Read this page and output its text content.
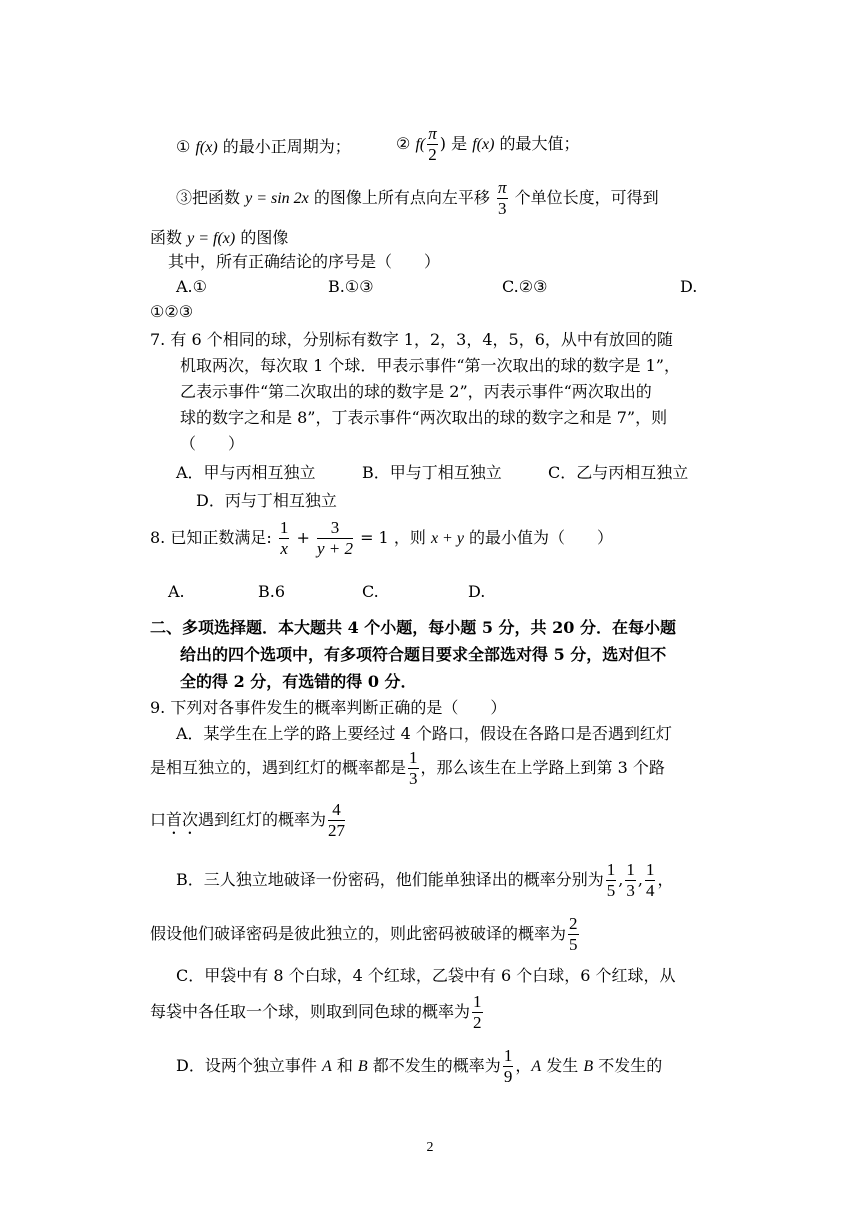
① f(x) 的最小正周期为；	② $f( \frac{\pi}{2}$ ) 是 f(x) 的最大值；
③把函数 y = sin 2x 的图像上所有点向左平移 $\frac{\pi}{3}$ 个单位长度，可得到
函数 y = f(x) 的图像
其中，所有正确结论的序号是（　　）
A.①	B.①③	C.②③	D.
①②③
7. 有 6 个相同的球，分别标有数字 1，2，3，4，5，6，从中有放回的随
机取两次，每次取 1 个球．甲表示事件“第一次取出的球的数字是 1”，
乙表示事件“第二次取出的球的数字是 2”，丙表示事件“两次取出的
球的数字之和是 8”，丁表示事件“两次取出的球的数字之和是 7”，则
（　　）
A．甲与丙相互独立	B．甲与丁相互独立	C．乙与丙相互独立
D．丙与丁相互独立
8. 已知正数满足: $\frac{1}{x} + \frac{3}{y + 2} = 1$ ，则 x + y 的最小值为（　　）
A.	B.6	C.	D.
二、多项选择题．本大题共 4 个小题，每小题 5 分，共 20 分．在每小题
给出的四个选项中，有多项符合题目要求全部选对得 5 分，选对但不
全的得 2 分，有选错的得 0 分．
9. 下列对各事件发生的概率判断正确的是（　　）
A．某学生在上学的路上要经过 4 个路口，假设在各路口是否遇到红灯
是相互独立的，遇到红灯的概率都是 $\frac{1}{3}$ ，那么该生在上学路上到第 3 个路
口首次遇到红灯的概率为 $\frac{4}{27}$
B．三人独立地破译一份密码，他们能单独译出的概率分别为 $\frac{1}{5}$ , $\frac{1}{3}$ , $\frac{1}{4}$ ，
假设他们破译密码是彼此独立的，则此密码被破译的概率为 $\frac{2}{5}$
C．甲袋中有 8 个白球，4 个红球，乙袋中有 6 个白球，6 个红球，从
每袋中各任取一个球，则取到同色球的概率为 $\frac{1}{2}$
D．设两个独立事件 A 和 B 都不发生的概率为 $\frac{1}{9}$ ，A 发生 B 不发生的
2
